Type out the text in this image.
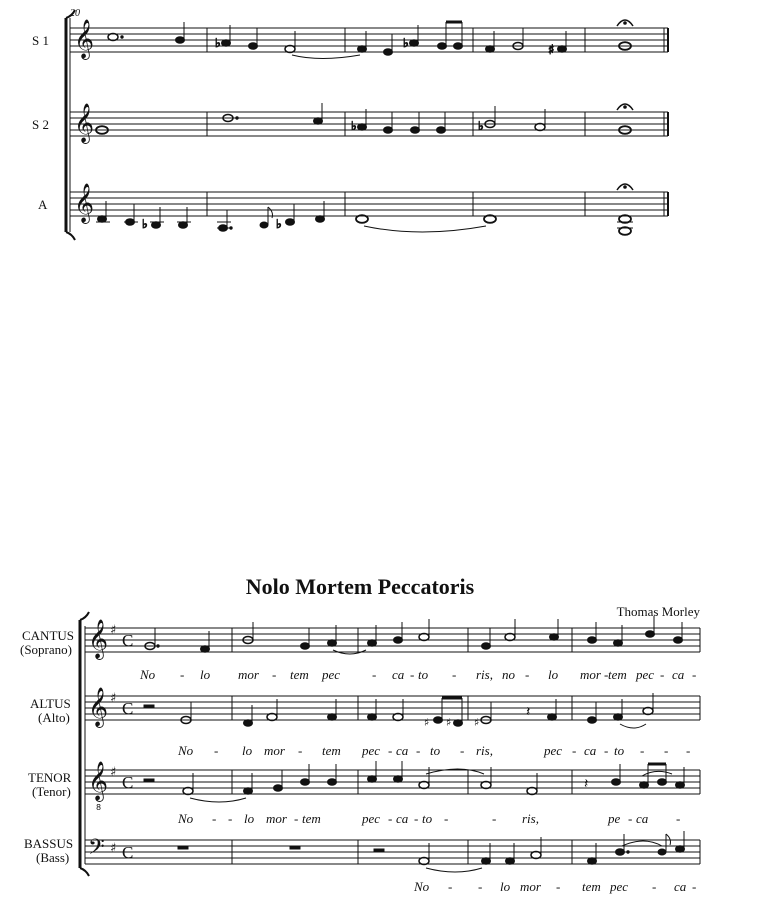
20
𝄞
𝄞
𝄞
♭	♭	♯
♭	♭
♭	♭
S 1
S 2
A
Nolo Mortem Peccatoris
Thomas Morley
CANTUS
(Soprano)
ALTUS
(Alto)
TENOR
(Tenor)
BASSUS
(Bass)
𝄞
𝄞
𝄞
8
𝄢
♯
♯
♯
♯
C
C
C
C
♯ ♯ ♯
𝄽
𝄽
No - lo mor - tem pec - ca - to - ris, no - lo mor - tem pec - ca -
No - lo mor - tem pec - ca - to - ris,	pec - ca - to - - -
No - - lo mor - tem	pec - ca - to -	- ris,	pe - ca -
No - - lo mor - tem pec - ca -
